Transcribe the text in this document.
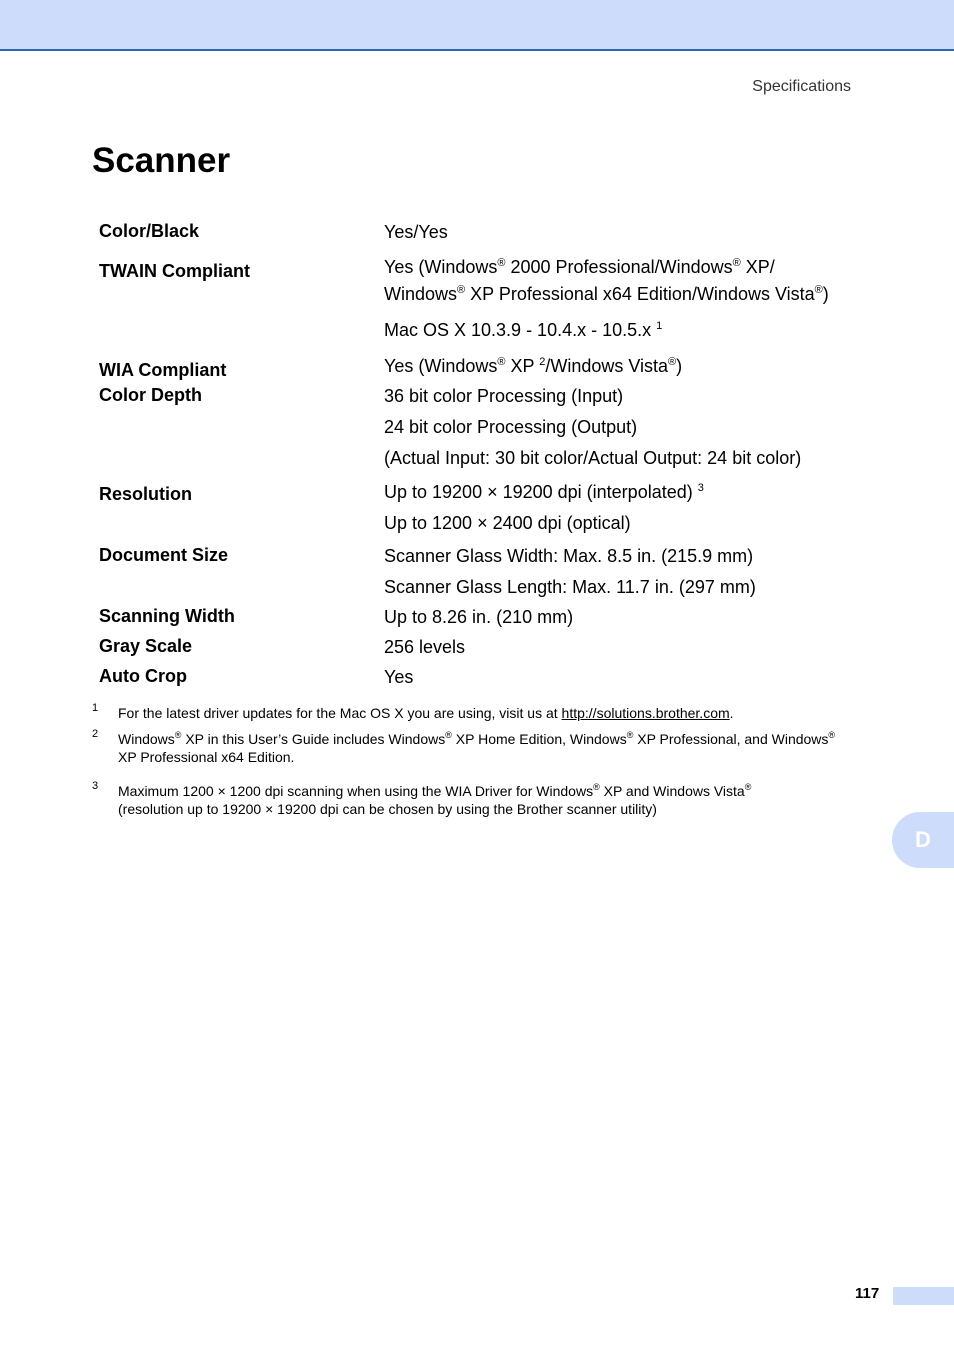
Specifications
Scanner
Color/Black	Yes/Yes
TWAIN Compliant	Yes (Windows® 2000 Professional/Windows® XP/
Windows® XP Professional x64 Edition/Windows Vista®)
Mac OS X 10.3.9 - 10.4.x - 10.5.x $^1$
WIA Compliant	Yes (Windows® XP $^2$/Windows Vista®)
Color Depth	36 bit color Processing (Input)
24 bit color Processing (Output)
(Actual Input: 30 bit color/Actual Output: 24 bit color)
Resolution	Up to 19200 × 19200 dpi (interpolated) $^3$
Up to 1200 × 2400 dpi (optical)
Document Size	Scanner Glass Width: Max. 8.5 in. (215.9 mm)
Scanner Glass Length: Max. 11.7 in. (297 mm)
Scanning Width	Up to 8.26 in. (210 mm)
Gray Scale	256 levels
Auto Crop	Yes
1 For the latest driver updates for the Mac OS X you are using, visit us at http://solutions.brother.com.
2 Windows® XP in this User’s Guide includes Windows® XP Home Edition, Windows® XP Professional, and Windows®
XP Professional x64 Edition.
3 Maximum 1200 × 1200 dpi scanning when using the WIA Driver for Windows® XP and Windows Vista®
(resolution up to 19200 × 19200 dpi can be chosen by using the Brother scanner utility)
D
117
